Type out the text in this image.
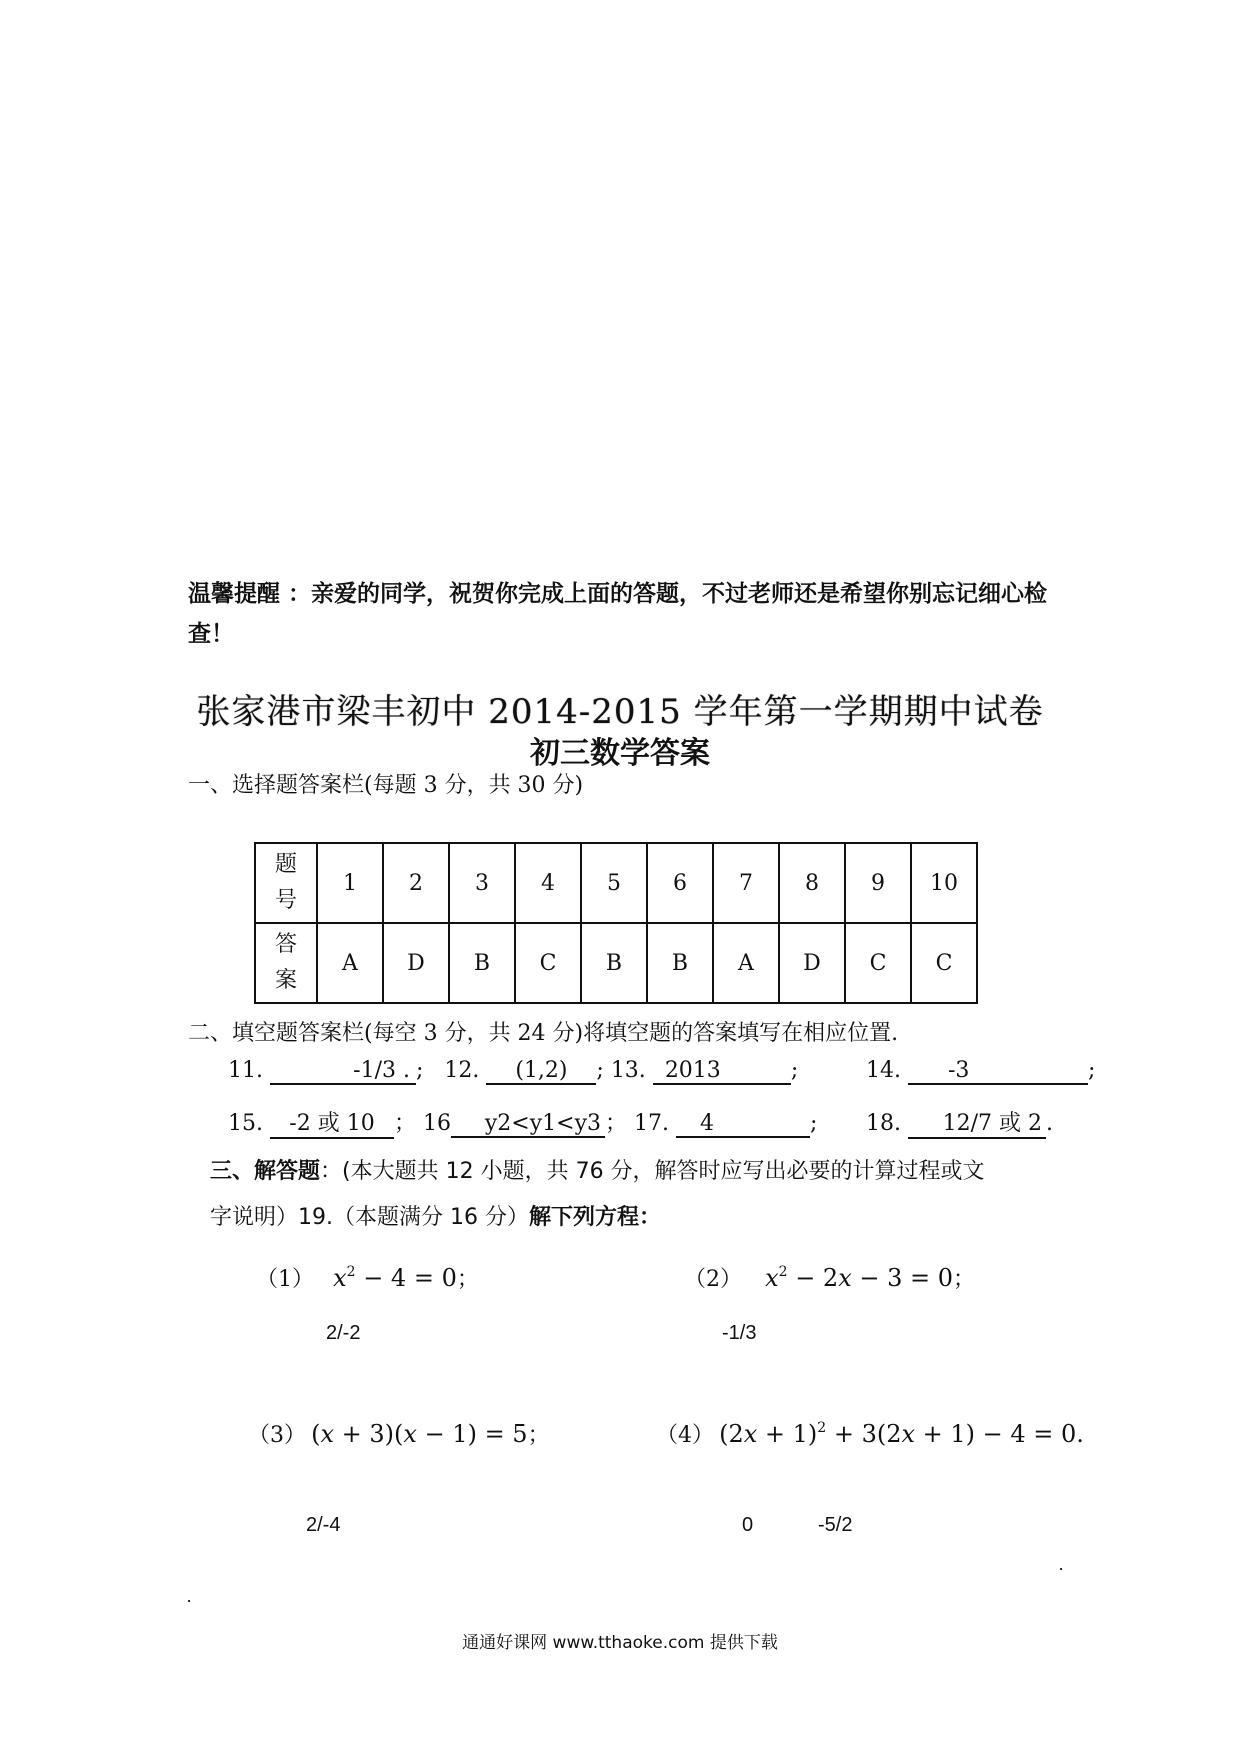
温馨提醒 ：亲爱的同学，祝贺你完成上面的答题，不过老师还是希望你别忘记细心检查！
张家港市梁丰初中 2014-2015 学年第一学期期中试卷
初三数学答案
一、选择题答案栏(每题 3 分，共 30 分)
题
号	1	2	3	4	5	6	7	8	9	10
答
案	A	D	B	C	B	B	A	D	C	C
二、填空题答案栏(每空 3 分，共 24 分)将填空题的答案填写在相应位置.
11.	-1/3 . ; 12. (1,2) ; 13. 2013	;	14. -3	;
15. -2 或 10 ； 16 y2<y1<y3 ； 17. 4	; 18. 12/7 或 2 .
三、解答题：(本大题共 12 小题，共 76 分，解答时应写出必要的计算过程或文
字说明）19.（本题满分 16 分）解下列方程：
（1） $x^2 - 4 = 0$；
2/-2
（2） $x^2 - 2x - 3 = 0$；
-1/3
（3） (x + 3)(x − 1) = 5；
2/-4
（4） $(2x + 1)^2 + 3(2x + 1) - 4 = 0$.
0	-5/2
通通好课网 www.tthaoke.com 提供下载
